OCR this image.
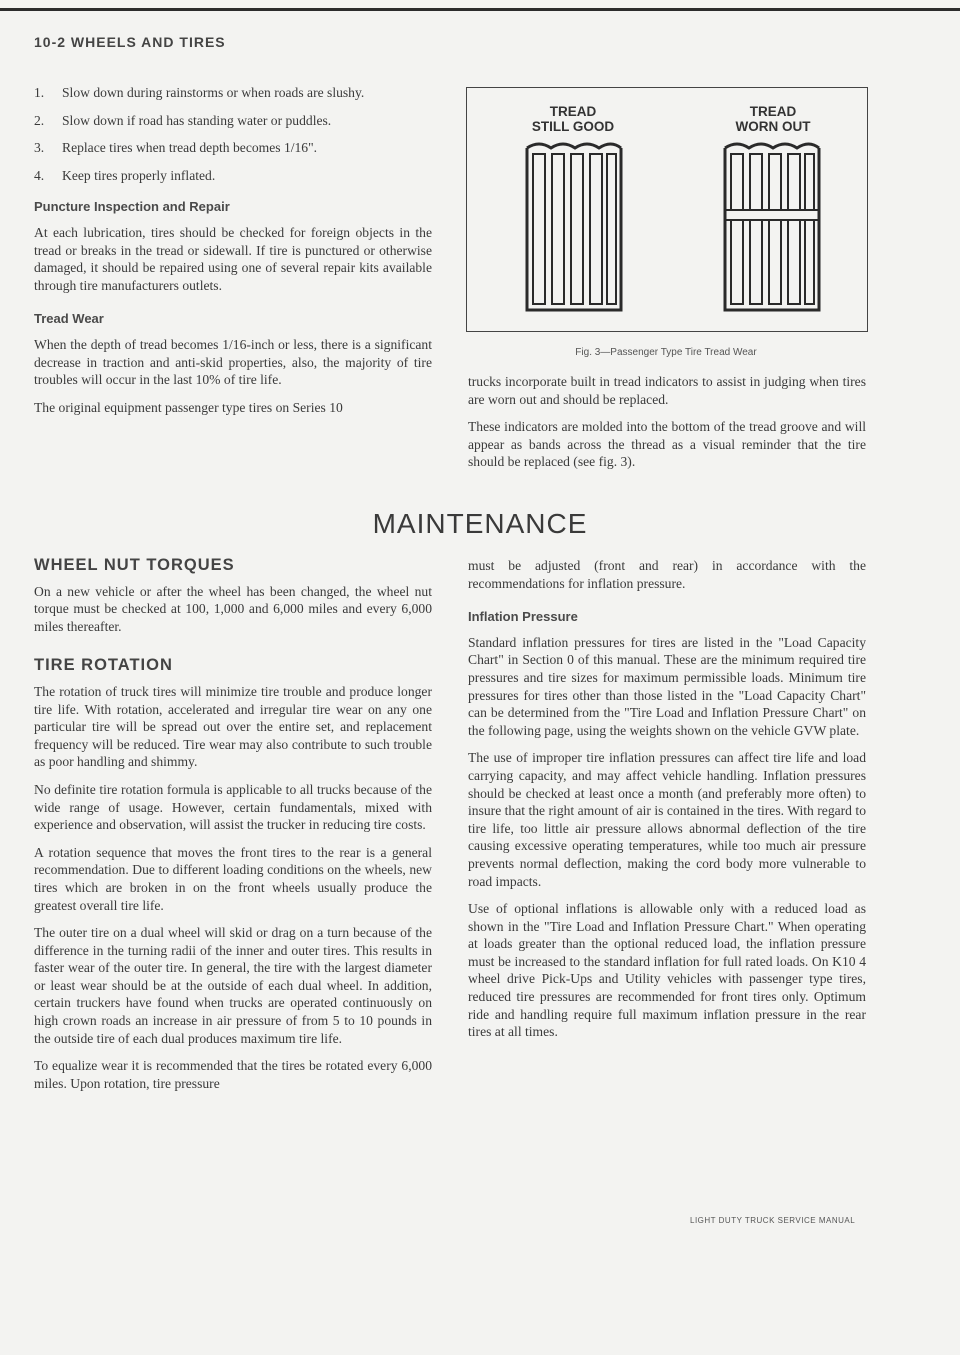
10-2 WHEELS AND TIRES
1. Slow down during rainstorms or when roads are slushy.
2. Slow down if road has standing water or puddles.
3. Replace tires when tread depth becomes 1/16".
4. Keep tires properly inflated.
Puncture Inspection and Repair

At each lubrication, tires should be checked for foreign objects in the tread or breaks in the tread or sidewall. If tire is punctured or otherwise damaged, it should be repaired using one of several repair kits available through tire manufacturers outlets.

Tread Wear

When the depth of tread becomes 1/16-inch or less, there is a significant decrease in traction and anti-skid properties, also, the majority of tire troubles will occur in the last 10% of tire life.

The original equipment passenger type tires on Series 10

TREAD
STILL GOOD
TREAD
WORN OUT
Fig. 3—Passenger Type Tire Tread Wear

trucks incorporate built in tread indicators to assist in judging when tires are worn out and should be replaced.

These indicators are molded into the bottom of the tread groove and will appear as bands across the thread as a visual reminder that the tire should be replaced (see fig. 3).

MAINTENANCE
WHEEL NUT TORQUES

On a new vehicle or after the wheel has been changed, the wheel nut torque must be checked at 100, 1,000 and 6,000 miles and every 6,000 miles thereafter.

TIRE ROTATION

The rotation of truck tires will minimize tire trouble and produce longer tire life. With rotation, accelerated and irregular tire wear on any one particular tire will be spread out over the entire set, and replacement frequency will be reduced. Tire wear may also contribute to such trouble as poor handling and shimmy.

No definite tire rotation formula is applicable to all trucks because of the wide range of usage. However, certain fundamentals, mixed with experience and observation, will assist the trucker in reducing tire costs.

A rotation sequence that moves the front tires to the rear is a general recommendation. Due to different loading conditions on the wheels, new tires which are broken in on the front wheels usually produce the greatest overall tire life.

The outer tire on a dual wheel will skid or drag on a turn because of the difference in the turning radii of the inner and outer tires. This results in faster wear of the outer tire. In general, the tire with the largest diameter or least wear should be at the outside of each dual wheel. In addition, certain truckers have found when trucks are operated continuously on high crown roads an increase in air pressure of from 5 to 10 pounds in the outside tire of each dual produces maximum tire life.

To equalize wear it is recommended that the tires be rotated every 6,000 miles. Upon rotation, tire pressure

must be adjusted (front and rear) in accordance with the recommendations for inflation pressure.

Inflation Pressure

Standard inflation pressures for tires are listed in the "Load Capacity Chart" in Section 0 of this manual. These are the minimum required tire pressures and tire sizes for maximum permissible loads. Minimum tire pressures for tires other than those listed in the "Load Capacity Chart" can be determined from the "Tire Load and Inflation Pressure Chart" on the following page, using the weights shown on the vehicle GVW plate.

The use of improper tire inflation pressures can affect tire life and load carrying capacity, and may affect vehicle handling. Inflation pressures should be checked at least once a month (and preferably more often) to insure that the right amount of air is contained in the tires. With regard to tire life, too little air pressure allows abnormal deflection of the tire causing excessive operating temperatures, while too much air pressure prevents normal deflection, making the cord body more vulnerable to road impacts.

Use of optional inflations is allowable only with a reduced load as shown in the "Tire Load and Inflation Pressure Chart." When operating at loads greater than the optional reduced load, the inflation pressure must be increased to the standard inflation for full rated loads. On K10 4 wheel drive Pick-Ups and Utility vehicles with passenger type tires, reduced tire pressures are recommended for front tires only. Optimum ride and handling require full maximum inflation pressure in the rear tires at all times.

LIGHT DUTY TRUCK SERVICE MANUAL
